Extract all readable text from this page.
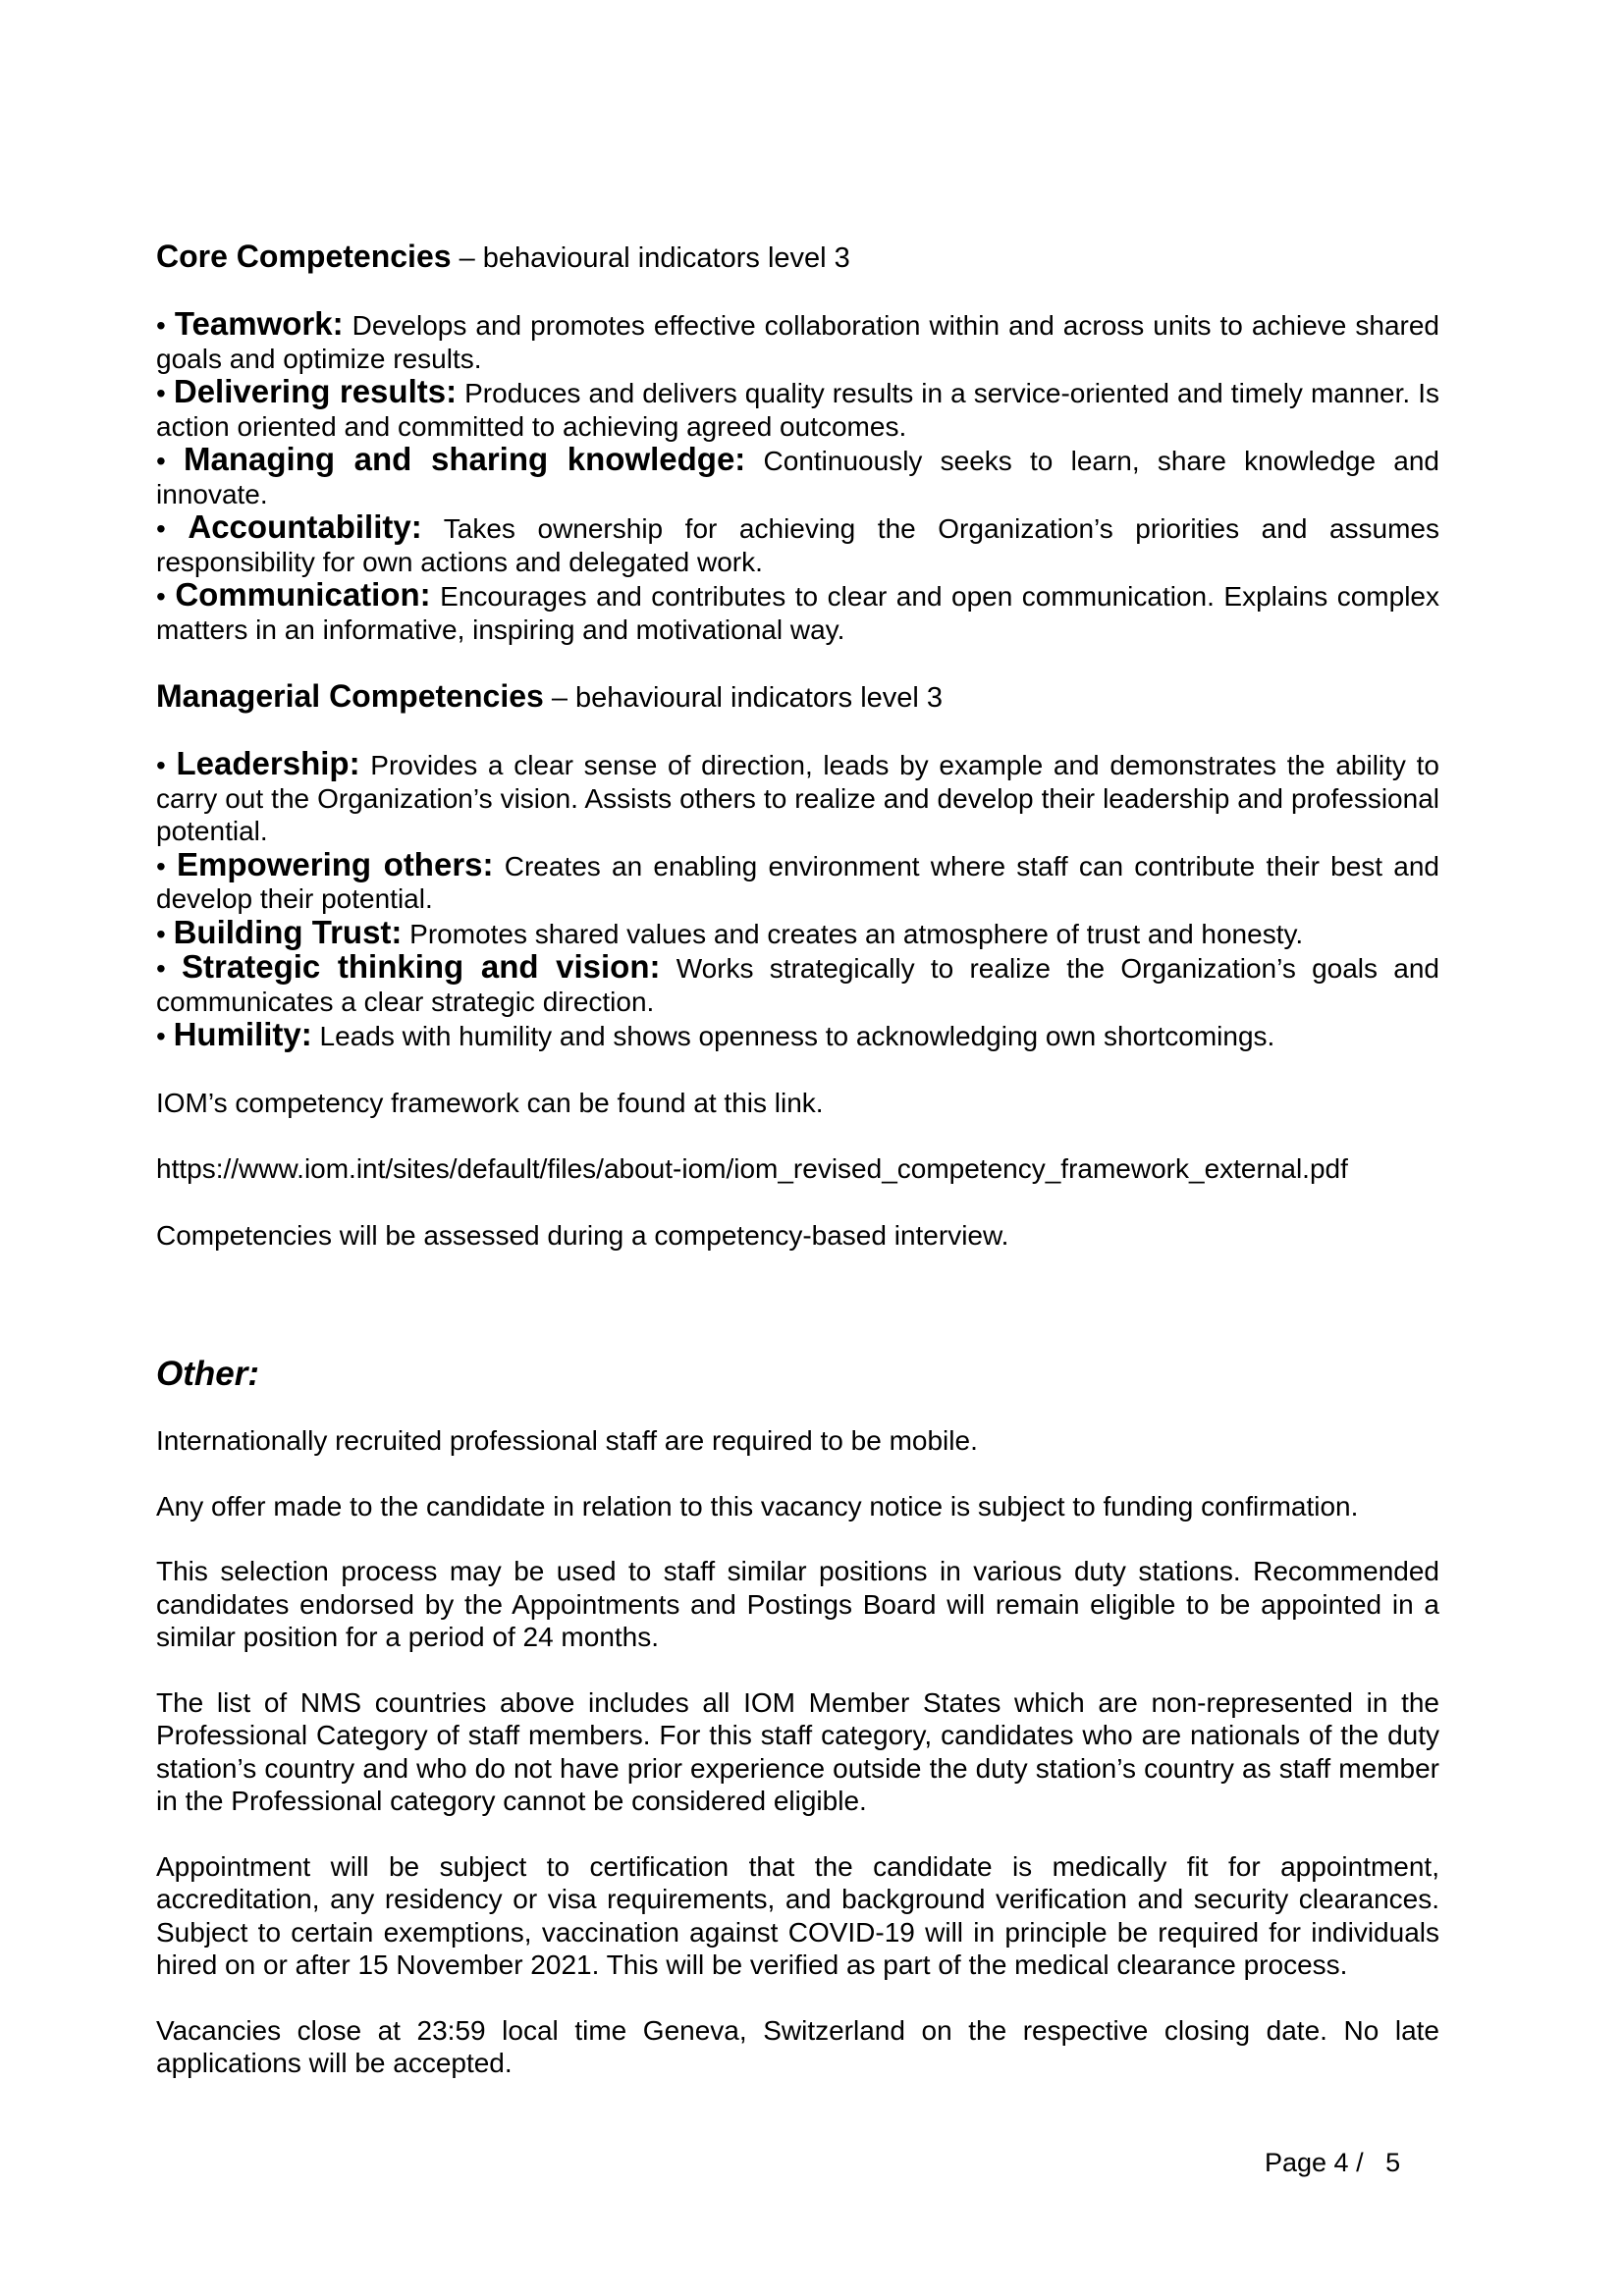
Core Competencies – behavioural indicators level 3
• Teamwork: Develops and promotes effective collaboration within and across units to achieve shared goals and optimize results.
• Delivering results: Produces and delivers quality results in a service-oriented and timely manner. Is action oriented and committed to achieving agreed outcomes.
• Managing and sharing knowledge: Continuously seeks to learn, share knowledge and innovate.
• Accountability: Takes ownership for achieving the Organization’s priorities and assumes responsibility for own actions and delegated work.
• Communication: Encourages and contributes to clear and open communication. Explains complex matters in an informative, inspiring and motivational way.
Managerial Competencies – behavioural indicators level 3
• Leadership: Provides a clear sense of direction, leads by example and demonstrates the ability to carry out the Organization’s vision. Assists others to realize and develop their leadership and professional potential.
• Empowering others: Creates an enabling environment where staff can contribute their best and develop their potential.
• Building Trust: Promotes shared values and creates an atmosphere of trust and honesty.
• Strategic thinking and vision: Works strategically to realize the Organization’s goals and communicates a clear strategic direction.
• Humility: Leads with humility and shows openness to acknowledging own shortcomings.

IOM’s competency framework can be found at this link.

https://www.iom.int/sites/default/files/about-iom/iom_revised_competency_framework_external.pdf

Competencies will be assessed during a competency-based interview.

Other:

Internationally recruited professional staff are required to be mobile.

Any offer made to the candidate in relation to this vacancy notice is subject to funding confirmation.

This selection process may be used to staff similar positions in various duty stations. Recommended candidates endorsed by the Appointments and Postings Board will remain eligible to be appointed in a similar position for a period of 24 months.

The list of NMS countries above includes all IOM Member States which are non-represented in the Professional Category of staff members. For this staff category, candidates who are nationals of the duty station’s country and who do not have prior experience outside the duty station’s country as staff member in the Professional category cannot be considered eligible.

Appointment will be subject to certification that the candidate is medically fit for appointment, accreditation, any residency or visa requirements, and background verification and security clearances. Subject to certain exemptions, vaccination against COVID-19 will in principle be required for individuals hired on or after 15 November 2021. This will be verified as part of the medical clearance process.

Vacancies close at 23:59 local time Geneva, Switzerland on the respective closing date. No late applications will be accepted.

Page 4 /   5
